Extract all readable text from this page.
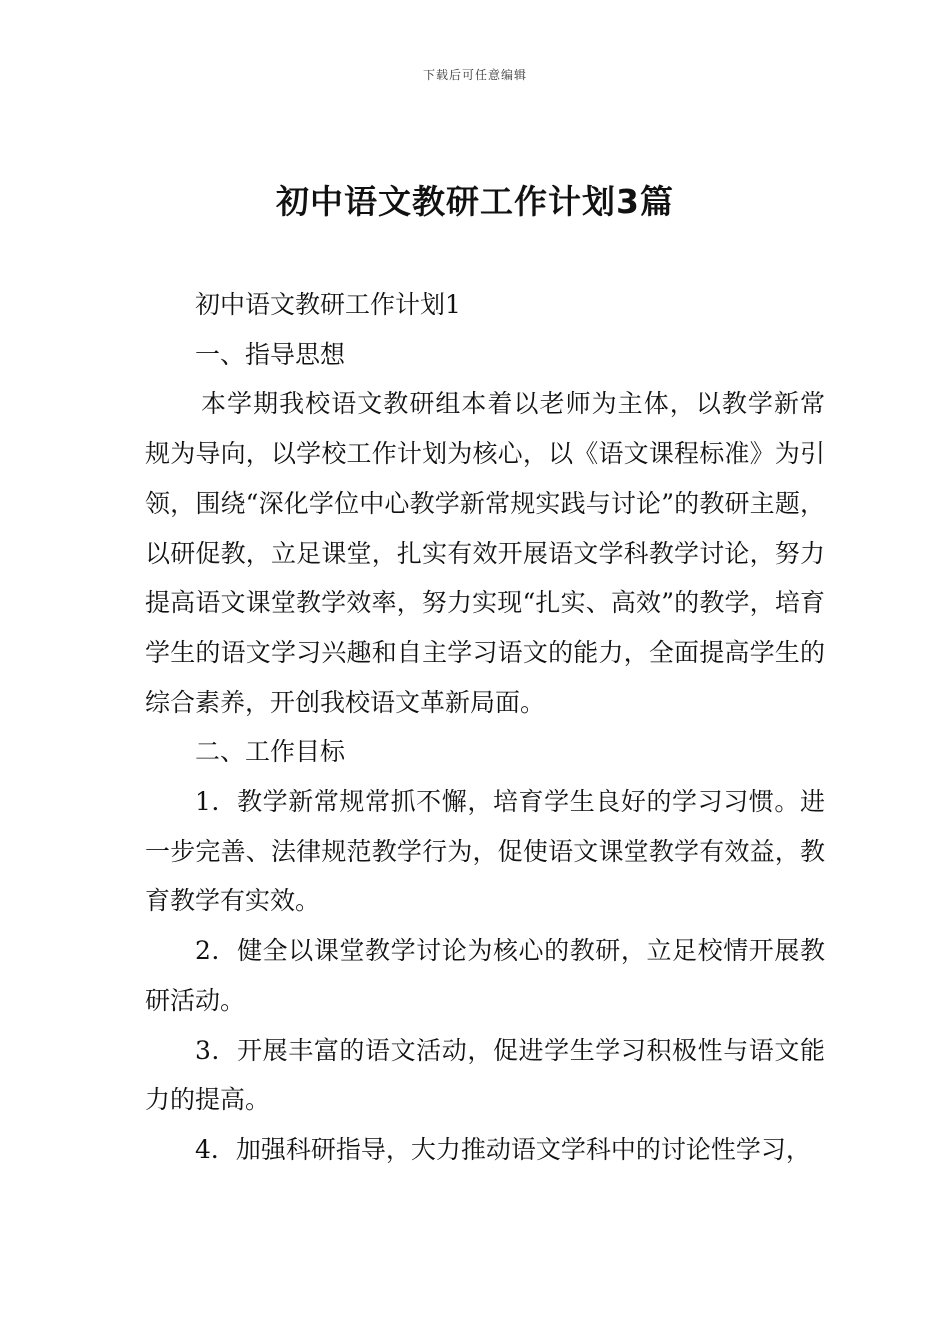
下载后可任意编辑
初中语文教研工作计划3篇

初中语文教研工作计划1

一、指导思想

本学期我校语文教研组本着以老师为主体，以教学新常规为导向，以学校工作计划为核心，以《语文课程标准》为引领，围绕“深化学位中心教学新常规实践与讨论”的教研主题，以研促教，立足课堂，扎实有效开展语文学科教学讨论，努力提高语文课堂教学效率，努力实现“扎实、高效”的教学，培育学生的语文学习兴趣和自主学习语文的能力，全面提高学生的综合素养，开创我校语文革新局面。

二、工作目标

1．教学新常规常抓不懈，培育学生良好的学习习惯。进一步完善、法律规范教学行为，促使语文课堂教学有效益，教育教学有实效。

2．健全以课堂教学讨论为核心的教研，立足校情开展教研活动。

3．开展丰富的语文活动，促进学生学习积极性与语文能力的提高。

4．加强科研指导，大力推动语文学科中的讨论性学习，
